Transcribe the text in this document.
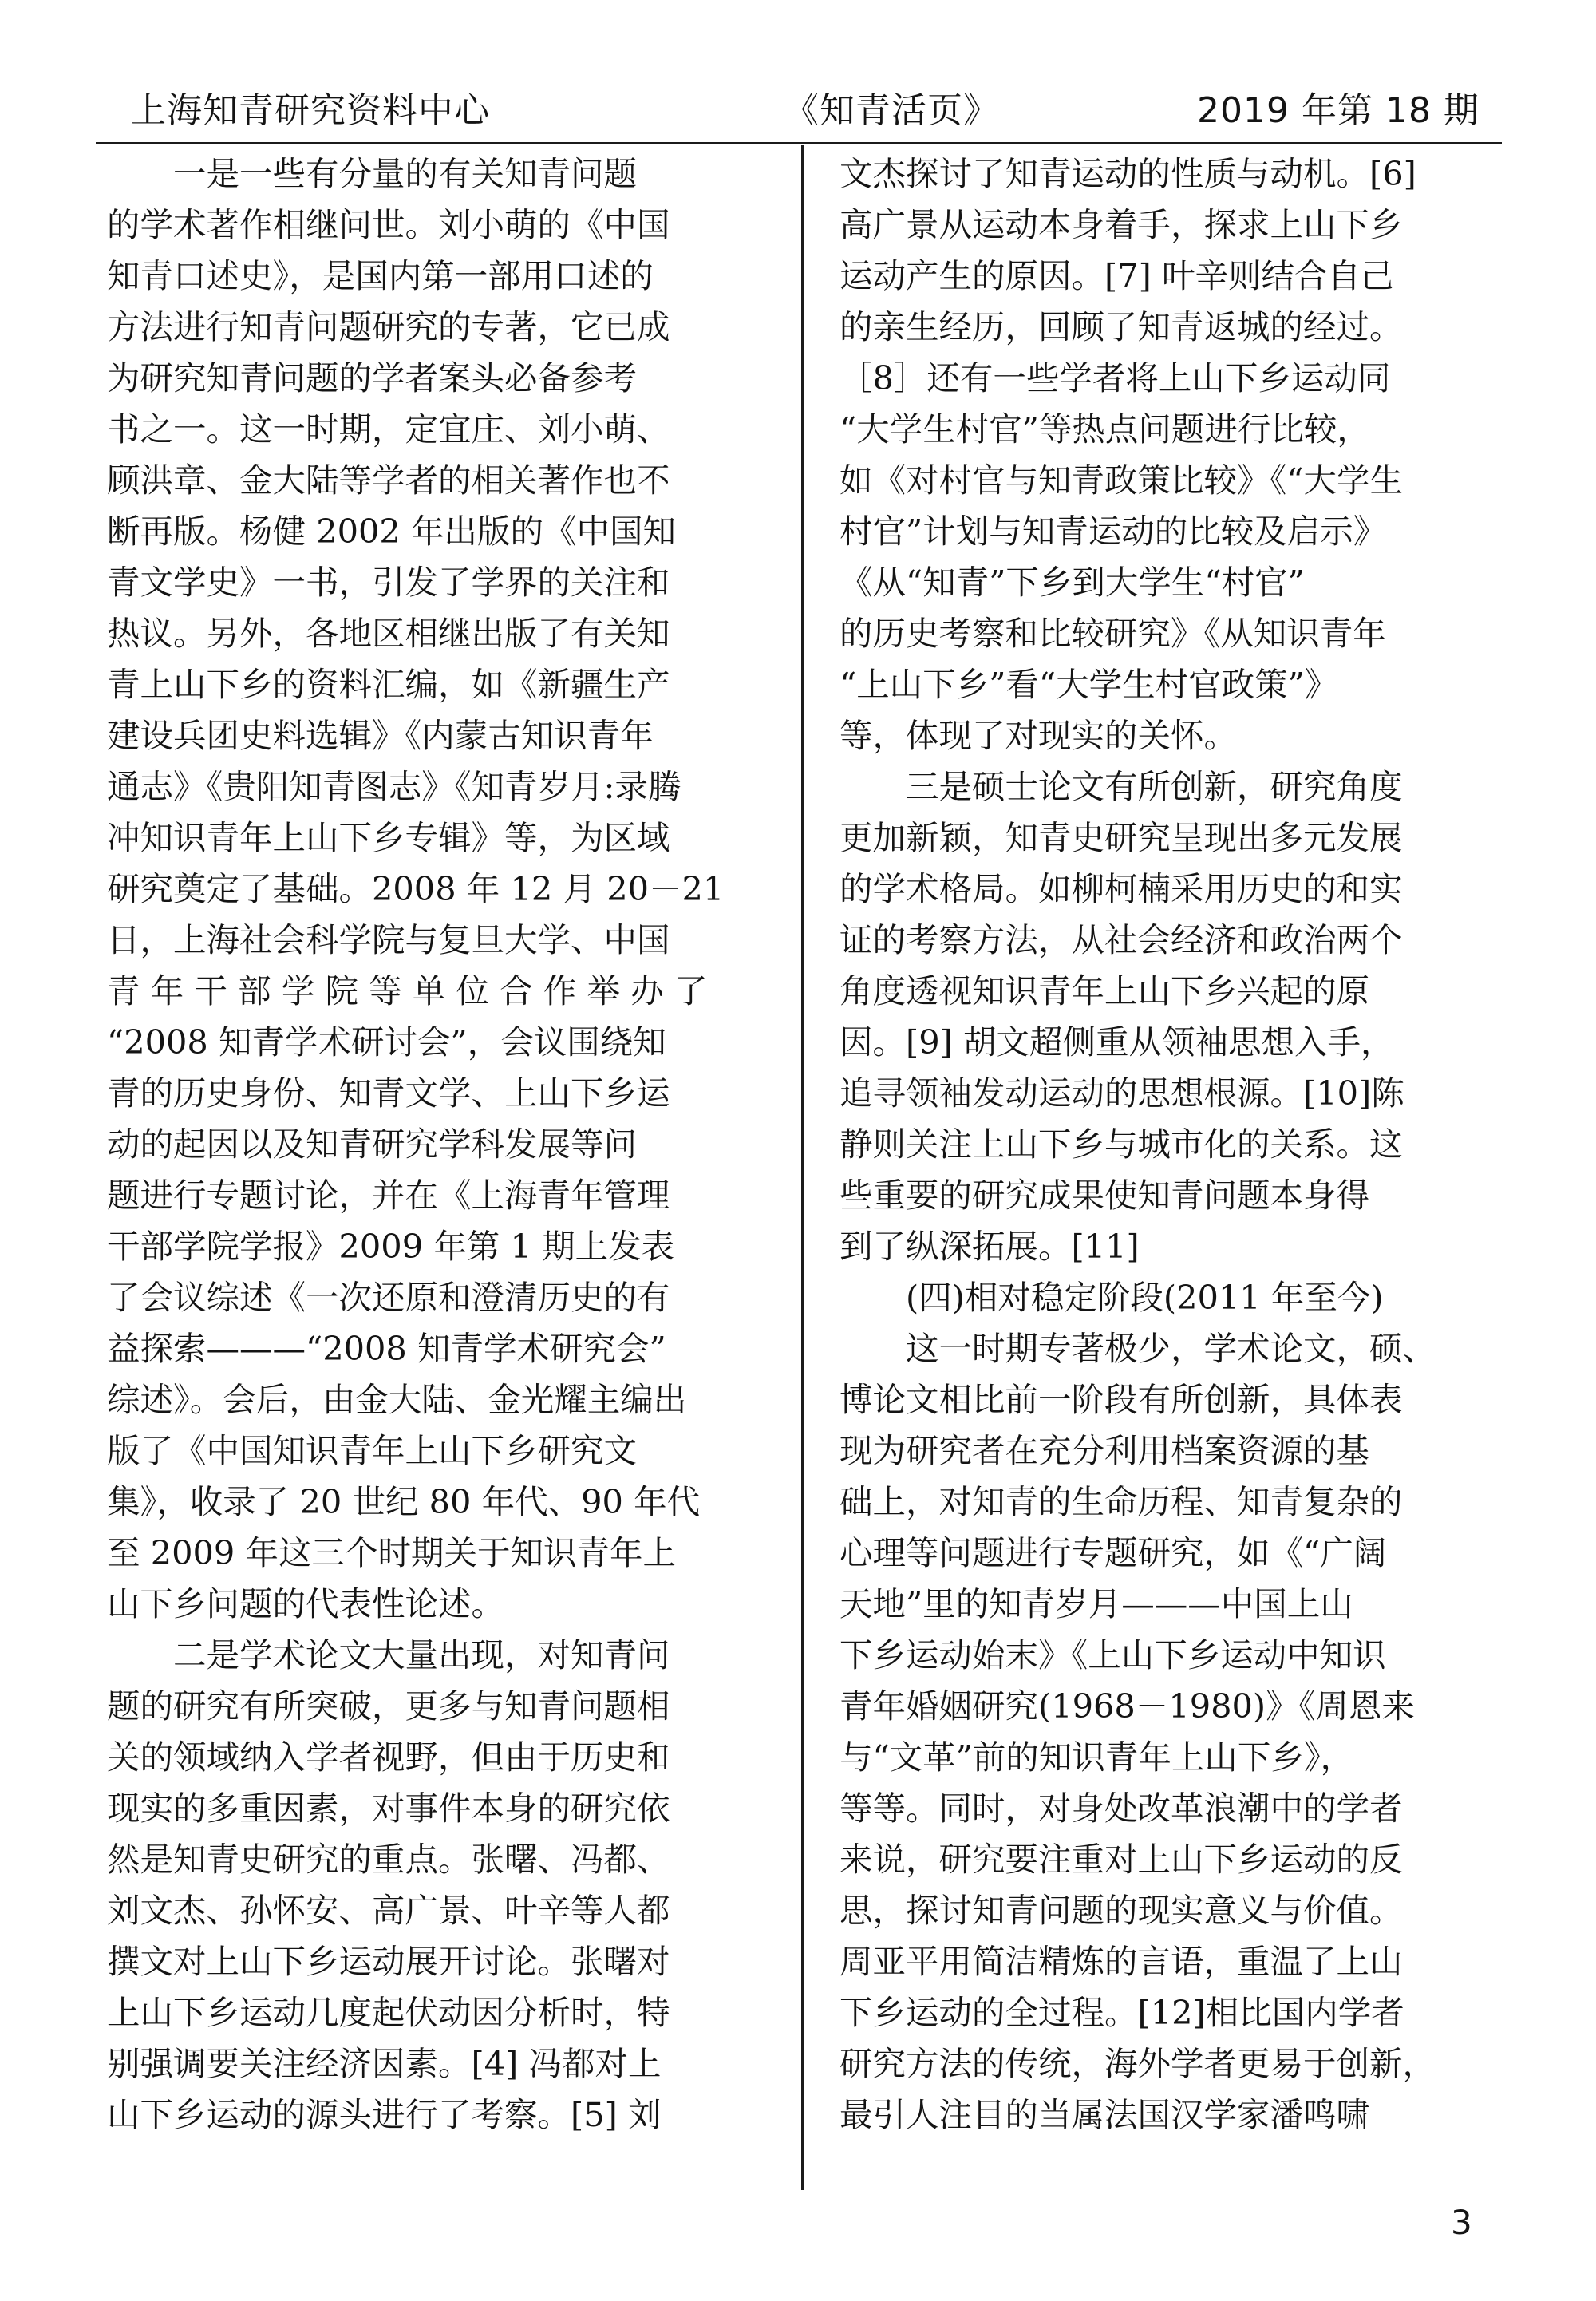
上海知青研究资料中心	《知青活页》	2019 年第 18 期
　　一是一些有分量的有关知青问题
的学术著作相继问世。刘小萌的《中国
知青口述史》，是国内第一部用口述的
方法进行知青问题研究的专著，它已成
为研究知青问题的学者案头必备参考
书之一。这一时期，定宜庄、刘小萌、
顾洪章、金大陆等学者的相关著作也不
断再版。杨健 2002 年出版的《中国知
青文学史》一书，引发了学界的关注和
热议。另外，各地区相继出版了有关知
青上山下乡的资料汇编，如《新疆生产
建设兵团史料选辑》《内蒙古知识青年
通志》《贵阳知青图志》《知青岁月:录腾
冲知识青年上山下乡专辑》等，为区域
研究奠定了基础。2008 年 12 月 20－21
日，上海社会科学院与复旦大学、中国
青 年 干 部 学 院 等 单 位 合 作 举 办 了
“2008 知青学术研讨会”，会议围绕知
青的历史身份、知青文学、上山下乡运
动的起因以及知青研究学科发展等问
题进行专题讨论，并在《上海青年管理
干部学院学报》2009 年第 1 期上发表
了会议综述《一次还原和澄清历史的有
益探索———“2008 知青学术研究会”
综述》。会后，由金大陆、金光耀主编出
版了《中国知识青年上山下乡研究文
集》，收录了 20 世纪 80 年代、90 年代
至 2009 年这三个时期关于知识青年上
山下乡问题的代表性论述。
　　二是学术论文大量出现，对知青问
题的研究有所突破，更多与知青问题相
关的领域纳入学者视野，但由于历史和
现实的多重因素，对事件本身的研究依
然是知青史研究的重点。张曙、冯都、
刘文杰、孙怀安、高广景、叶辛等人都
撰文对上山下乡运动展开讨论。张曙对
上山下乡运动几度起伏动因分析时，特
别强调要关注经济因素。[4] 冯都对上
山下乡运动的源头进行了考察。[5] 刘
文杰探讨了知青运动的性质与动机。[6]
高广景从运动本身着手，探求上山下乡
运动产生的原因。[7] 叶辛则结合自己
的亲生经历，回顾了知青返城的经过。
［8］还有一些学者将上山下乡运动同
“大学生村官”等热点问题进行比较，
如《对村官与知青政策比较》《“大学生
村官”计划与知青运动的比较及启示》
《从“知青”下乡到大学生“村官”
的历史考察和比较研究》《从知识青年
“上山下乡”看“大学生村官政策”》
等，体现了对现实的关怀。
　　三是硕士论文有所创新，研究角度
更加新颖，知青史研究呈现出多元发展
的学术格局。如柳柯楠采用历史的和实
证的考察方法，从社会经济和政治两个
角度透视知识青年上山下乡兴起的原
因。[9] 胡文超侧重从领袖思想入手，
追寻领袖发动运动的思想根源。[10]陈
静则关注上山下乡与城市化的关系。这
些重要的研究成果使知青问题本身得
到了纵深拓展。[11]
　　(四)相对稳定阶段(2011 年至今)
　　这一时期专著极少，学术论文，硕、
博论文相比前一阶段有所创新，具体表
现为研究者在充分利用档案资源的基
础上，对知青的生命历程、知青复杂的
心理等问题进行专题研究，如《“广阔
天地”里的知青岁月———中国上山
下乡运动始末》《上山下乡运动中知识
青年婚姻研究(1968－1980)》《周恩来
与“文革”前的知识青年上山下乡》，
等等。同时，对身处改革浪潮中的学者
来说，研究要注重对上山下乡运动的反
思，探讨知青问题的现实意义与价值。
周亚平用简洁精炼的言语，重温了上山
下乡运动的全过程。[12]相比国内学者
研究方法的传统，海外学者更易于创新，
最引人注目的当属法国汉学家潘鸣啸
3
